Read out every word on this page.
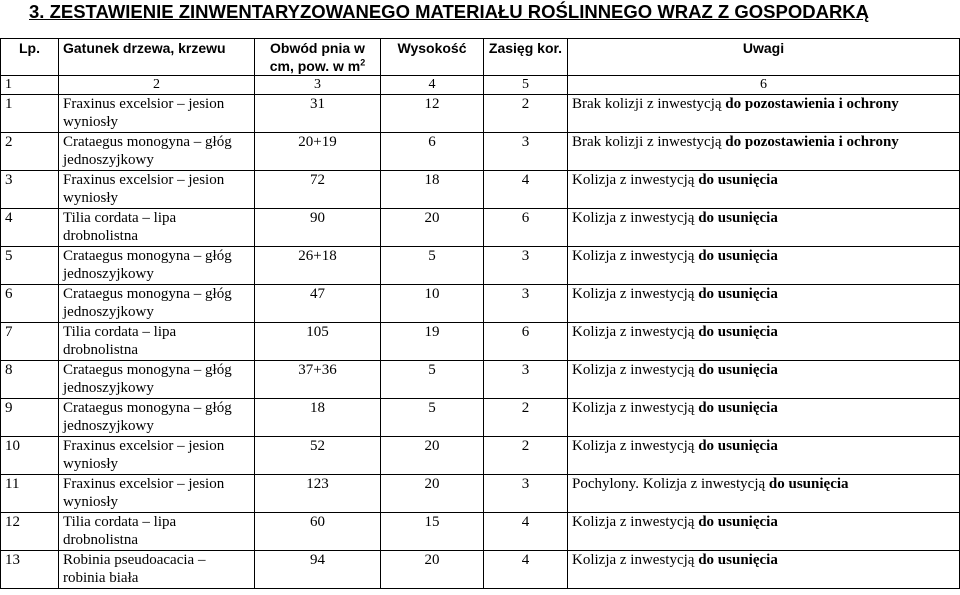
3. ZESTAWIENIE ZINWENTARYZOWANEGO MATERIAŁU ROŚLINNEGO WRAZ Z GOSPODARKĄ
Lp.	Gatunek drzewa, krzewu	Obwód pnia w
cm, pow. w $m^2$	Wysokość	Zasięg kor.	Uwagi
1	2	3	4	5	6
1	Fraxinus excelsior – jesion
wyniosły	31	12	2	Brak kolizji z inwestycją do pozostawienia i ochrony
2	Crataegus monogyna – głóg
jednoszyjkowy	20+19	6	3	Brak kolizji z inwestycją do pozostawienia i ochrony
3	Fraxinus excelsior – jesion
wyniosły	72	18	4	Kolizja z inwestycją do usunięcia
4	Tilia cordata – lipa
drobnolistna	90	20	6	Kolizja z inwestycją do usunięcia
5	Crataegus monogyna – głóg
jednoszyjkowy	26+18	5	3	Kolizja z inwestycją do usunięcia
6	Crataegus monogyna – głóg
jednoszyjkowy	47	10	3	Kolizja z inwestycją do usunięcia
7	Tilia cordata – lipa
drobnolistna	105	19	6	Kolizja z inwestycją do usunięcia
8	Crataegus monogyna – głóg
jednoszyjkowy	37+36	5	3	Kolizja z inwestycją do usunięcia
9	Crataegus monogyna – głóg
jednoszyjkowy	18	5	2	Kolizja z inwestycją do usunięcia
10	Fraxinus excelsior – jesion
wyniosły	52	20	2	Kolizja z inwestycją do usunięcia
11	Fraxinus excelsior – jesion
wyniosły	123	20	3	Pochylony. Kolizja z inwestycją do usunięcia
12	Tilia cordata – lipa
drobnolistna	60	15	4	Kolizja z inwestycją do usunięcia
13	Robinia pseudoacacia –
robinia biała	94	20	4	Kolizja z inwestycją do usunięcia
